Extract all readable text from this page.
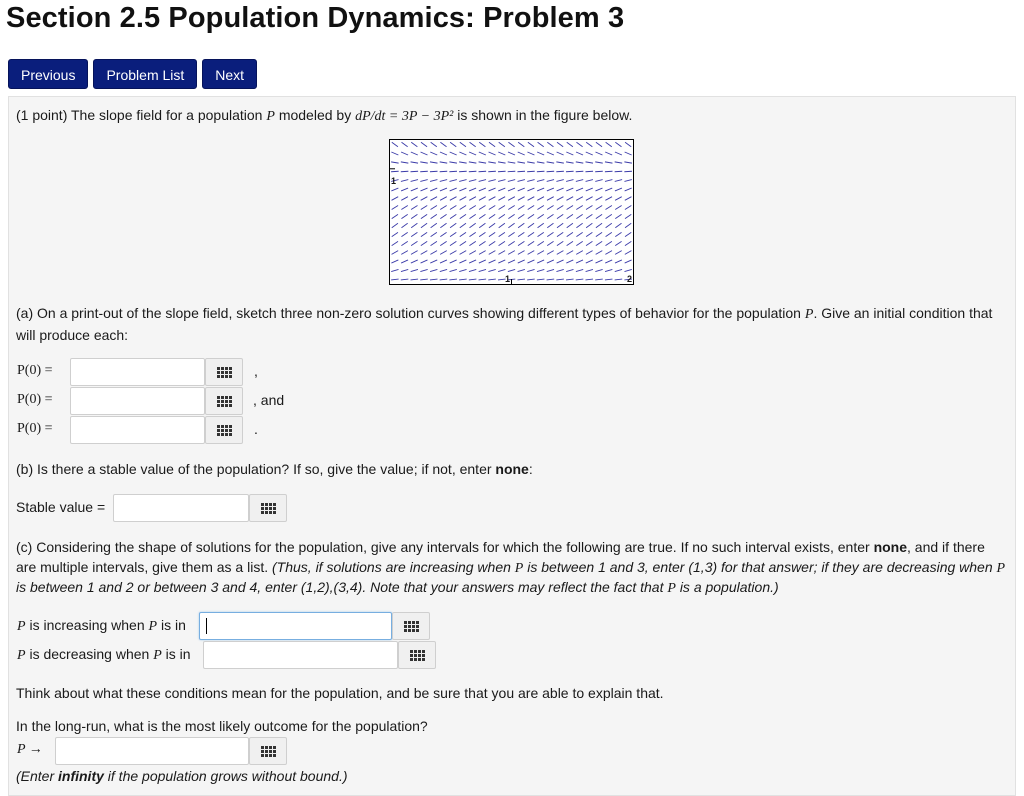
Section 2.5 Population Dynamics: Problem 3
Previous	Problem List	Next
(1 point) The slope field for a population P modeled by dP/dt = 3P − 3P² is shown in the figure below.
1
1	2
(a) On a print-out of the slope field, sketch three non-zero solution curves showing different types of behavior for the population P. Give an initial condition that will produce each:
P(0) =	,
P(0) =	, and
P(0) =	.
(b) Is there a stable value of the population? If so, give the value; if not, enter none:
Stable value =
(c) Considering the shape of solutions for the population, give any intervals for which the following are true. If no such interval exists, enter none, and if there
are multiple intervals, give them as a list. (Thus, if solutions are increasing when P is between 1 and 3, enter (1,3) for that answer; if they are decreasing when P
is between 1 and 2 or between 3 and 4, enter (1,2),(3,4). Note that your answers may reflect the fact that P is a population.)
P is increasing when P is in
P is decreasing when P is in
Think about what these conditions mean for the population, and be sure that you are able to explain that.
In the long-run, what is the most likely outcome for the population?
P →
(Enter infinity if the population grows without bound.)
